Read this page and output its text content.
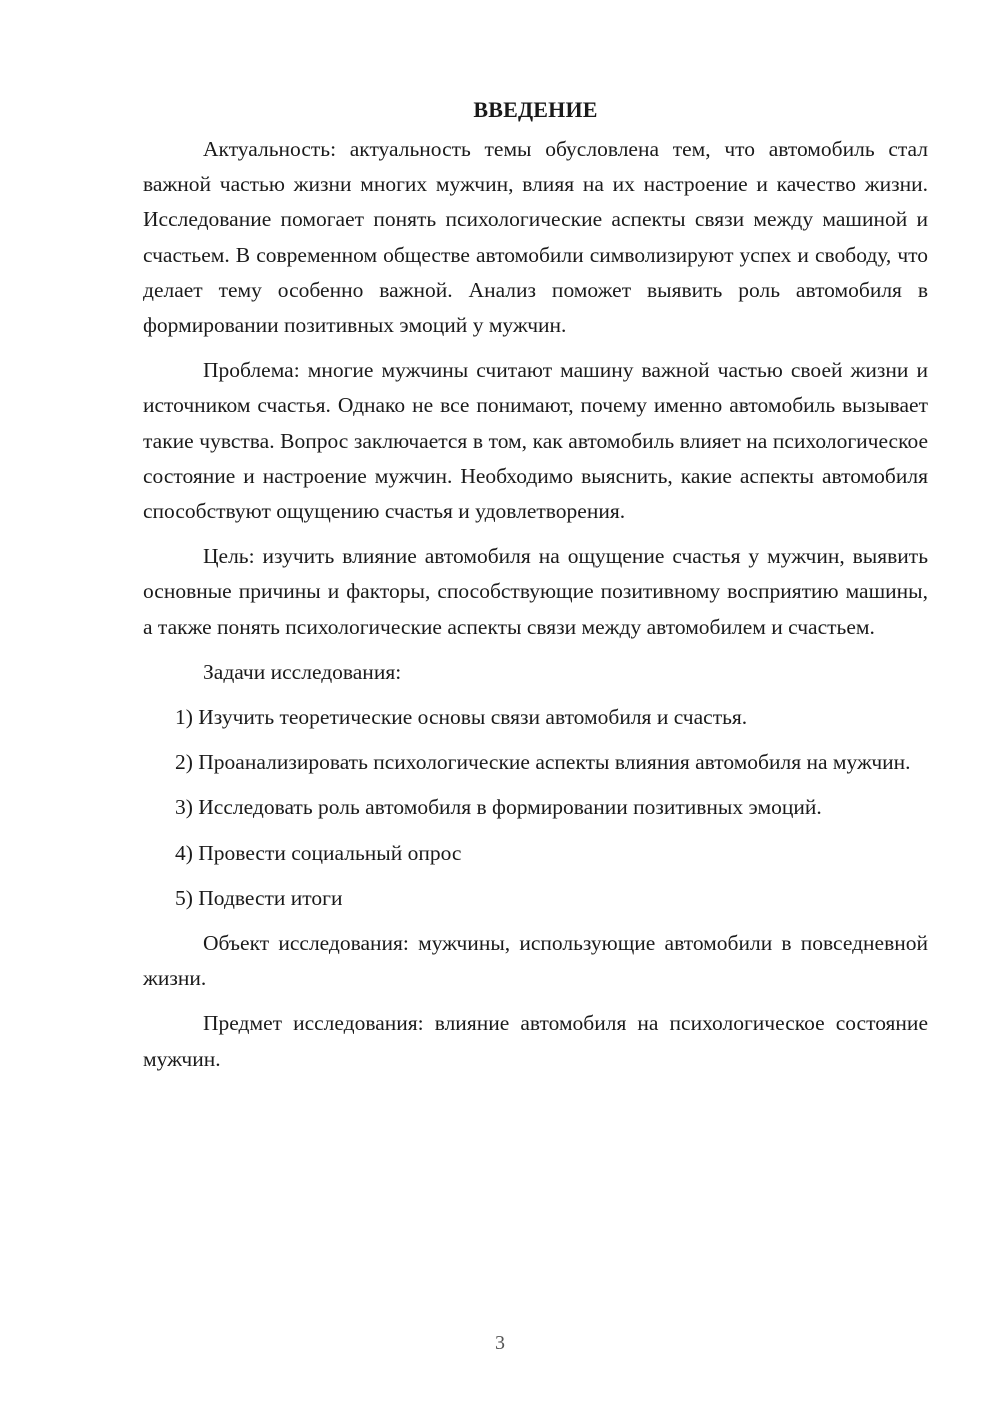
ВВЕДЕНИЕ

Актуальность: актуальность темы обусловлена тем, что автомобиль стал важной частью жизни многих мужчин, влияя на их настроение и качество жизни. Исследование помогает понять психологические аспекты связи между машиной и счастьем. В современном обществе автомобили символизируют успех и свободу, что делает тему особенно важной. Анализ поможет выявить роль автомобиля в формировании позитивных эмоций у мужчин.

Проблема: многие мужчины считают машину важной частью своей жизни и источником счастья. Однако не все понимают, почему именно автомобиль вызывает такие чувства. Вопрос заключается в том, как автомобиль влияет на психологическое состояние и настроение мужчин. Необходимо выяснить, какие аспекты автомобиля способствуют ощущению счастья и удовлетворения.

Цель: изучить влияние автомобиля на ощущение счастья у мужчин, выявить основные причины и факторы, способствующие позитивному восприятию машины, а также понять психологические аспекты связи между автомобилем и счастьем.

Задачи исследования:

1) Изучить теоретические основы связи автомобиля и счастья.

2) Проанализировать психологические аспекты влияния автомобиля на мужчин.

3) Исследовать роль автомобиля в формировании позитивных эмоций.

4) Провести социальный опрос

5) Подвести итоги

Объект исследования: мужчины, использующие автомобили в повседневной жизни.

Предмет исследования: влияние автомобиля на психологическое состояние мужчин.

3
